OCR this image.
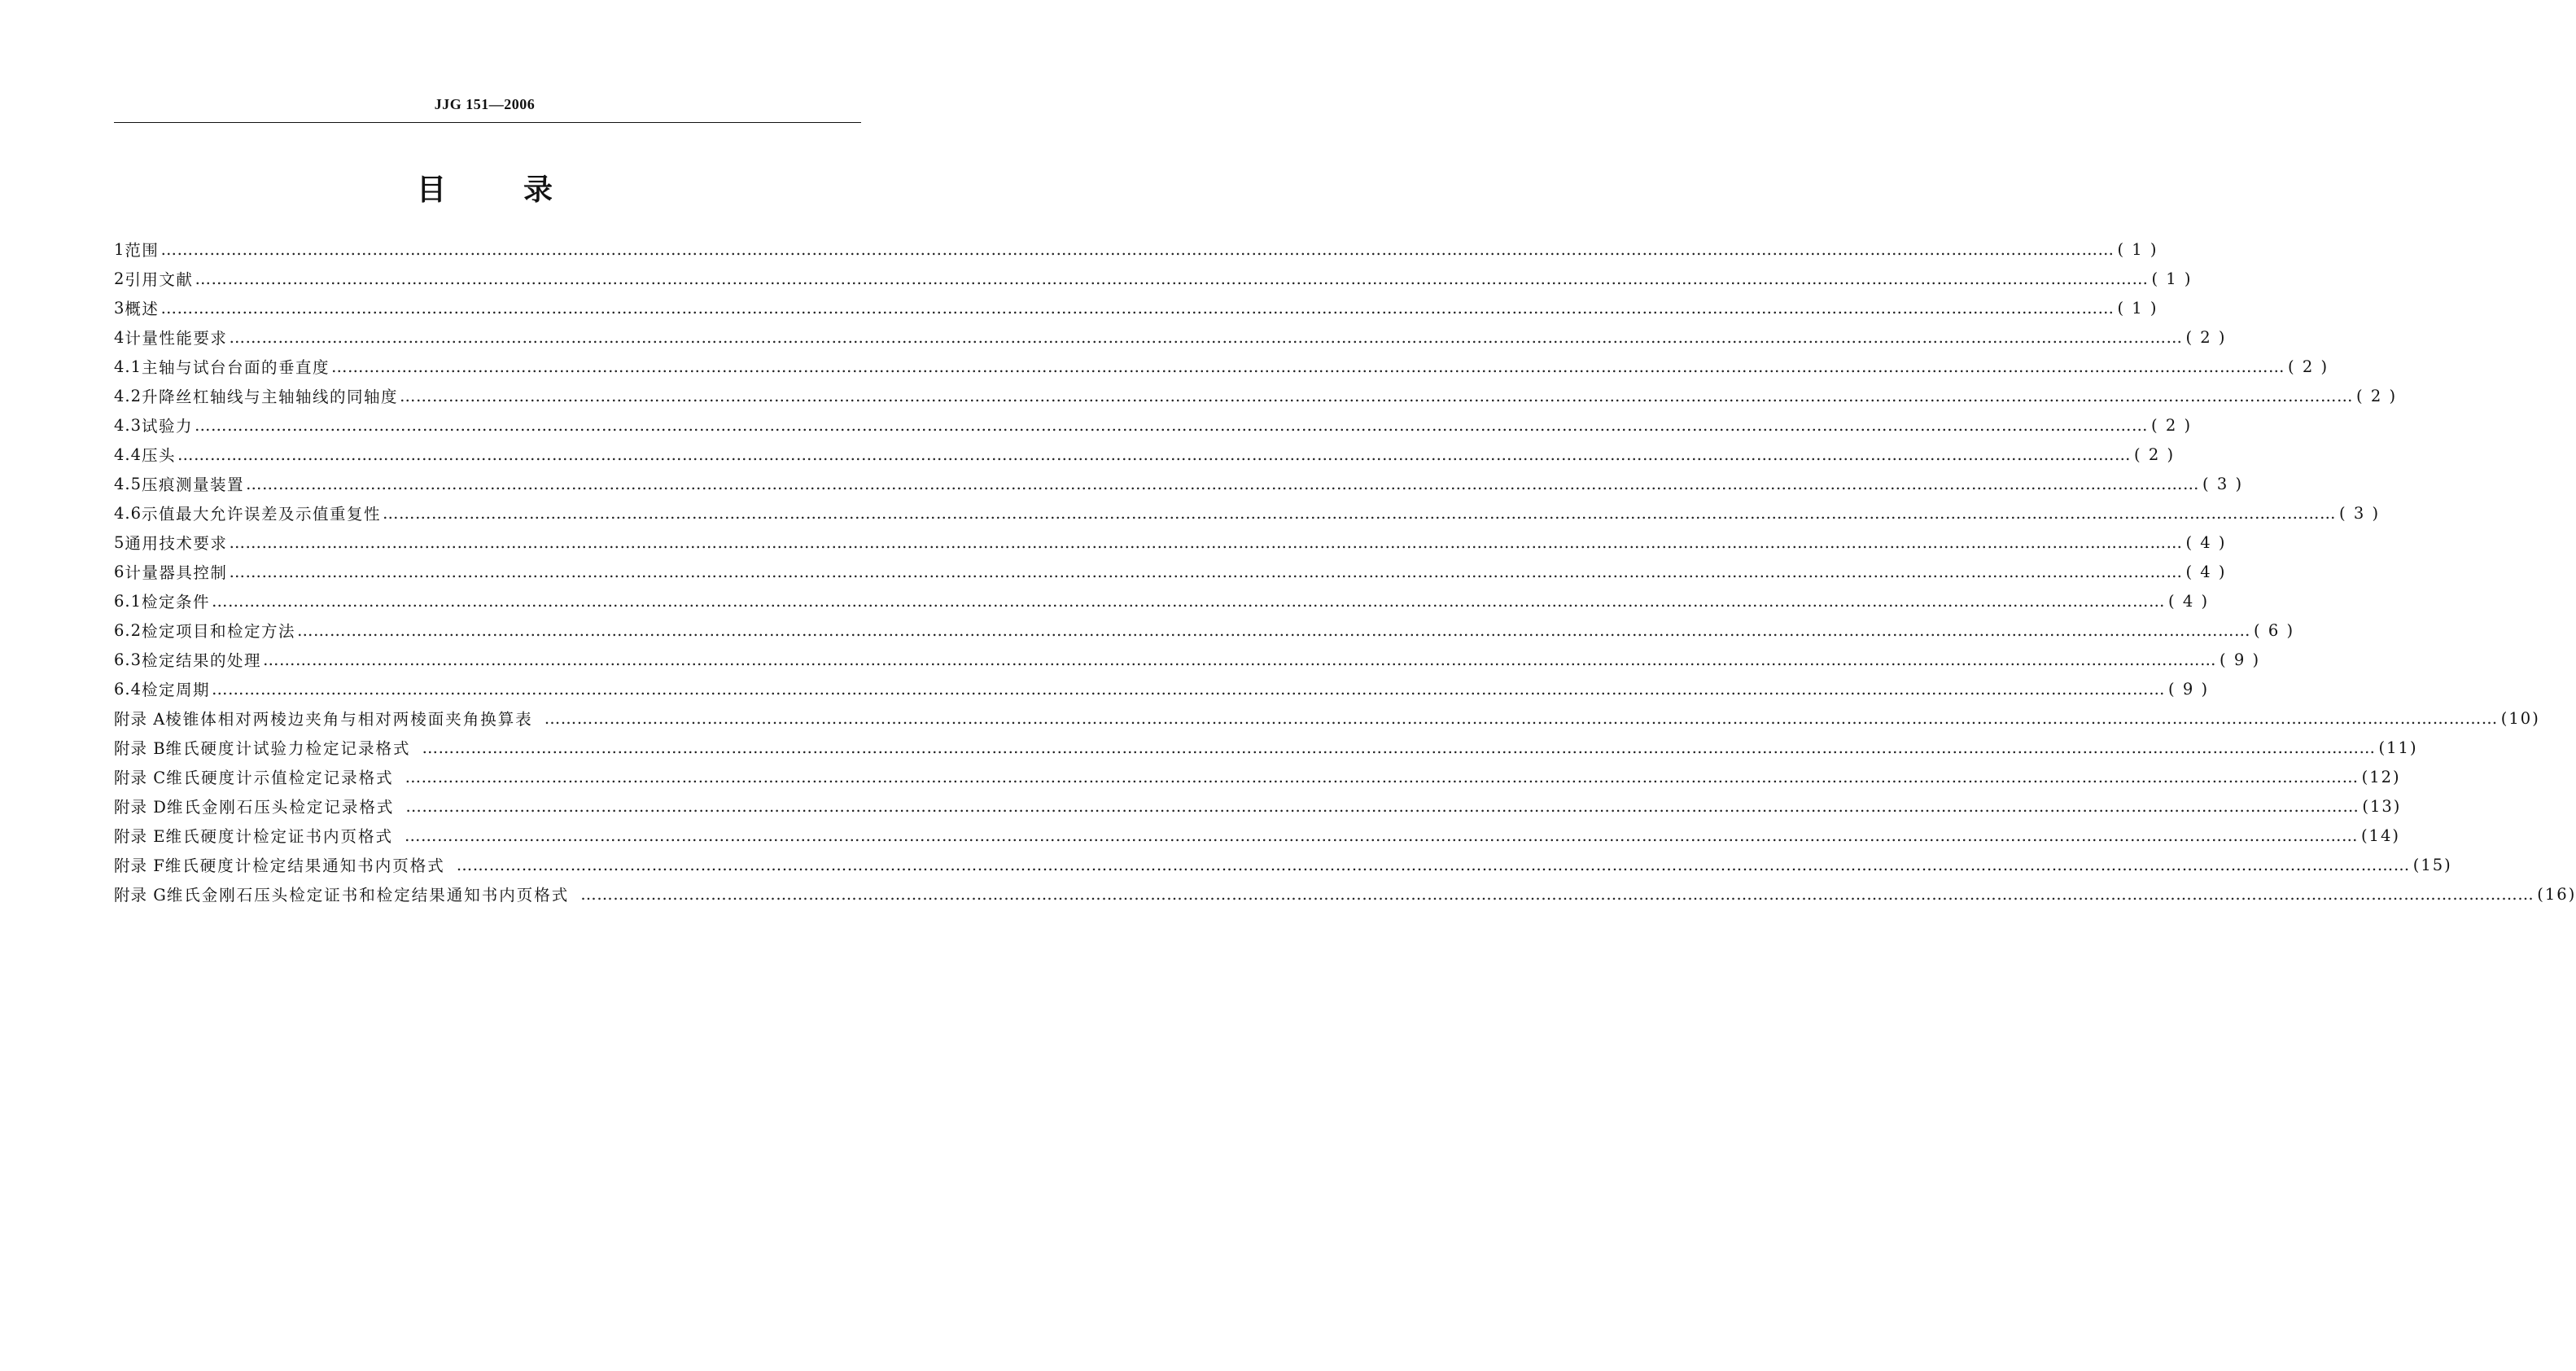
JJG 151—2006
目	录
1 范围 ……………………………………………………………………………………………………………………………………………………………………………………………………………………………………………………………………………………………………………………………… ( 1 )
2 引用文献 ……………………………………………………………………………………………………………………………………………………………………………………………………………………………………………………………………………………………………………………………… ( 1 )
3 概述 ……………………………………………………………………………………………………………………………………………………………………………………………………………………………………………………………………………………………………………………………… ( 1 )
4 计量性能要求 ……………………………………………………………………………………………………………………………………………………………………………………………………………………………………………………………………………………………………………………………… ( 2 )
4.1 主轴与试台台面的垂直度 ……………………………………………………………………………………………………………………………………………………………………………………………………………………………………………………………………………………………………………………………… ( 2 )
4.2 升降丝杠轴线与主轴轴线的同轴度 ……………………………………………………………………………………………………………………………………………………………………………………………………………………………………………………………………………………………………………………………… ( 2 )
4.3 试验力 ……………………………………………………………………………………………………………………………………………………………………………………………………………………………………………………………………………………………………………………………… ( 2 )
4.4 压头 ……………………………………………………………………………………………………………………………………………………………………………………………………………………………………………………………………………………………………………………………… ( 2 )
4.5 压痕测量装置 ……………………………………………………………………………………………………………………………………………………………………………………………………………………………………………………………………………………………………………………………… ( 3 )
4.6 示值最大允许误差及示值重复性 ……………………………………………………………………………………………………………………………………………………………………………………………………………………………………………………………………………………………………………………………… ( 3 )
5 通用技术要求 ……………………………………………………………………………………………………………………………………………………………………………………………………………………………………………………………………………………………………………………………… ( 4 )
6 计量器具控制 ……………………………………………………………………………………………………………………………………………………………………………………………………………………………………………………………………………………………………………………………… ( 4 )
6.1 检定条件 ……………………………………………………………………………………………………………………………………………………………………………………………………………………………………………………………………………………………………………………………… ( 4 )
6.2 检定项目和检定方法 ……………………………………………………………………………………………………………………………………………………………………………………………………………………………………………………………………………………………………………………………… ( 6 )
6.3 检定结果的处理 ……………………………………………………………………………………………………………………………………………………………………………………………………………………………………………………………………………………………………………………………… ( 9 )
6.4 检定周期 ……………………………………………………………………………………………………………………………………………………………………………………………………………………………………………………………………………………………………………………………… ( 9 )
附录 A 棱锥体相对两棱边夹角与相对两棱面夹角换算表 ……………………………………………………………………………………………………………………………………………………………………………………………………………………………………………………………………………………………………………………………… (10)
附录 B 维氏硬度计试验力检定记录格式 ……………………………………………………………………………………………………………………………………………………………………………………………………………………………………………………………………………………………………………………………… (11)
附录 C 维氏硬度计示值检定记录格式 ……………………………………………………………………………………………………………………………………………………………………………………………………………………………………………………………………………………………………………………………… (12)
附录 D 维氏金刚石压头检定记录格式 ……………………………………………………………………………………………………………………………………………………………………………………………………………………………………………………………………………………………………………………………… (13)
附录 E 维氏硬度计检定证书内页格式 ……………………………………………………………………………………………………………………………………………………………………………………………………………………………………………………………………………………………………………………………… (14)
附录 F 维氏硬度计检定结果通知书内页格式 ……………………………………………………………………………………………………………………………………………………………………………………………………………………………………………………………………………………………………………………………… (15)
附录 G 维氏金刚石压头检定证书和检定结果通知书内页格式 ……………………………………………………………………………………………………………………………………………………………………………………………………………………………………………………………………………………………………………………………… (16)
